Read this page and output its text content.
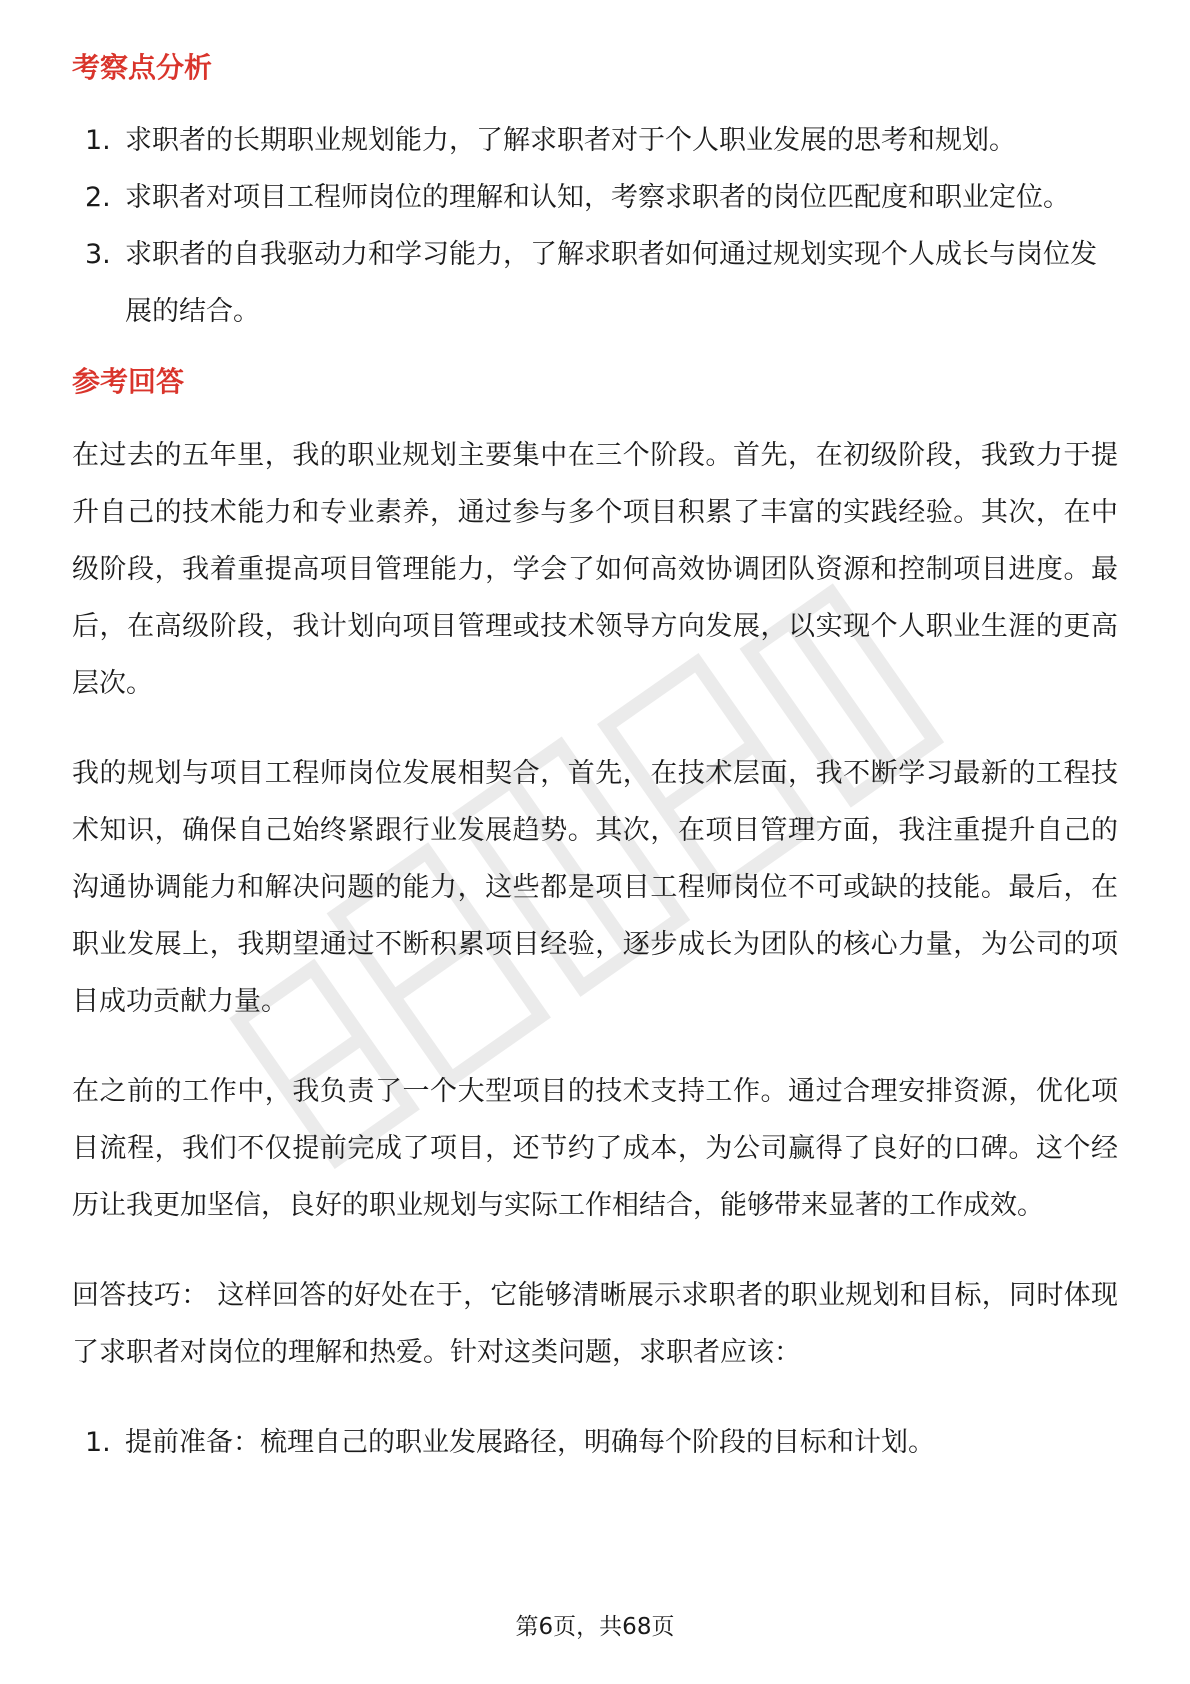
考察点分析
1. 求职者的长期职业规划能力，了解求职者对于个人职业发展的思考和规划。
2. 求职者对项目工程师岗位的理解和认知，考察求职者的岗位匹配度和职业定位。
3. 求职者的自我驱动力和学习能力，了解求职者如何通过规划实现个人成长与岗位发展的结合。
参考回答

在过去的五年里，我的职业规划主要集中在三个阶段。首先，在初级阶段，我致力于提升自己的技术能力和专业素养，通过参与多个项目积累了丰富的实践经验。其次，在中级阶段，我着重提高项目管理能力，学会了如何高效协调团队资源和控制项目进度。最后，在高级阶段，我计划向项目管理或技术领导方向发展，以实现个人职业生涯的更高层次。

我的规划与项目工程师岗位发展相契合，首先，在技术层面，我不断学习最新的工程技术知识，确保自己始终紧跟行业发展趋势。其次，在项目管理方面，我注重提升自己的沟通协调能力和解决问题的能力，这些都是项目工程师岗位不可或缺的技能。最后，在职业发展上，我期望通过不断积累项目经验，逐步成长为团队的核心力量，为公司的项目成功贡献力量。

在之前的工作中，我负责了一个大型项目的技术支持工作。通过合理安排资源，优化项目流程，我们不仅提前完成了项目，还节约了成本，为公司赢得了良好的口碑。这个经历让我更加坚信，良好的职业规划与实际工作相结合，能够带来显著的工作成效。

回答技巧： 这样回答的好处在于，它能够清晰展示求职者的职业规划和目标，同时体现了求职者对岗位的理解和热爱。针对这类问题，求职者应该：

1. 提前准备：梳理自己的职业发展路径，明确每个阶段的目标和计划。
第6页，共68页
